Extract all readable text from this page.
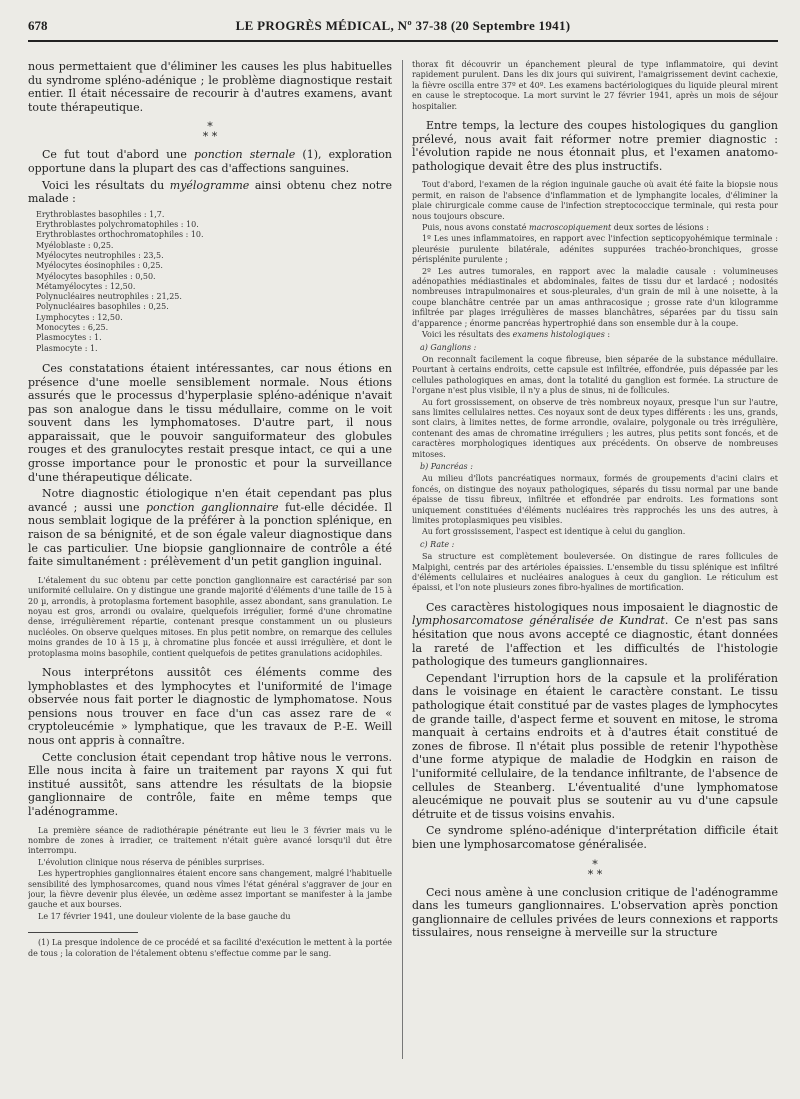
678	LE PROGRÈS MÉDICAL, Nº 37-38 (20 Septembre 1941)

nous permettaient que d'éliminer les causes les plus habituelles du syndrome spléno-adénique ; le problème diagnostique restait entier. Il était nécessaire de recourir à d'autres examens, avant toute thérapeutique.

*
* *

Ce fut tout d'abord une ponction sternale (1), exploration opportune dans la plupart des cas d'affections sanguines.

Voici les résultats du myélogramme ainsi obtenu chez notre malade :

Erythroblastes basophiles : 1,7.
Erythroblastes polychromatophiles : 10.
Erythroblastes orthochromatophiles : 10.
Myéloblaste : 0,25.
Myélocytes neutrophiles : 23,5.
Myélocytes éosinophiles : 0,25.
Myélocytes basophiles : 0,50.
Métamyélocytes : 12,50.
Polynucléaires neutrophiles : 21,25.
Polynucléaires basophiles : 0,25.
Lymphocytes : 12,50.
Monocytes : 6,25.
Plasmocytes : 1.
Plasmocyte : 1.

Ces constatations étaient intéressantes, car nous étions en présence d'une moelle sensiblement normale. Nous étions assurés que le processus d'hyperplasie spléno-adénique n'avait pas son analogue dans le tissu médullaire, comme on le voit souvent dans les lymphomatoses. D'autre part, il nous apparaissait, que le pouvoir sanguiformateur des globules rouges et des granulocytes restait presque intact, ce qui a une grosse importance pour le pronostic et pour la surveillance d'une thérapeutique délicate.

Notre diagnostic étiologique n'en était cependant pas plus avancé ; aussi une ponction ganglionnaire fut-elle décidée. Il nous semblait logique de la préférer à la ponction splénique, en raison de sa bénignité, et de son égale valeur diagnostique dans le cas particulier. Une biopsie ganglionnaire de contrôle a été faite simultanément : prélèvement d'un petit ganglion inguinal.

L'étalement du suc obtenu par cette ponction ganglionnaire est caractérisé par son uniformité cellulaire. On y distingue une grande majorité d'éléments d'une taille de 15 à 20 µ, arrondis, à protoplasma fortement basophile, assez abondant, sans granulation. Le noyau est gros, arrondi ou ovalaire, quelquefois irrégulier, formé d'une chromatine dense, irrégulièrement répartie, contenant presque constamment un ou plusieurs nucléoles. On observe quelques mitoses. En plus petit nombre, on remarque des cellules moins grandes de 10 à 15 µ, à chromatine plus foncée et aussi irrégulière, et dont le protoplasma moins basophile, contient quelquefois de petites granulations acidophiles.

Nous interprétons aussitôt ces éléments comme des lymphoblastes et des lymphocytes et l'uniformité de l'image observée nous fait porter le diagnostic de lymphomatose. Nous pensions nous trouver en face d'un cas assez rare de « cryptoleucémie » lymphatique, que les travaux de P.-E. Weill nous ont appris à connaître.

Cette conclusion était cependant trop hâtive nous le verrons. Elle nous incita à faire un traitement par rayons X qui fut institué aussitôt, sans attendre les résultats de la biopsie ganglionnaire de contrôle, faite en même temps que l'adénogramme.

La première séance de radiothérapie pénétrante eut lieu le 3 février mais vu le nombre de zones à irradier, ce traitement n'était guère avancé lorsqu'il dut être interrompu.

L'évolution clinique nous réserva de pénibles surprises.

Les hypertrophies ganglionnaires étaient encore sans changement, malgré l'habituelle sensibilité des lymphosarcomes, quand nous vîmes l'état général s'aggraver de jour en jour, la fièvre devenir plus élevée, un œdème assez important se manifester à la jambe gauche et aux bourses.

Le 17 février 1941, une douleur violente de la base gauche du

(1) La presque indolence de ce procédé et sa facilité d'exécution le mettent à la portée de tous ; la coloration de l'étalement obtenu s'effectue comme par le sang.

thorax fit découvrir un épanchement pleural de type inflammatoire, qui devint rapidement purulent. Dans les dix jours qui suivirent, l'amaigrissement devint cachexie, la fièvre oscilla entre 37º et 40º. Les examens bactériologiques du liquide pleural mirent en cause le streptocoque. La mort survint le 27 février 1941, après un mois de séjour hospitalier.

Entre temps, la lecture des coupes histologiques du ganglion prélevé, nous avait fait réformer notre premier diagnostic : l'évolution rapide ne nous étonnait plus, et l'examen anatomo-pathologique devait être des plus instructifs.

Tout d'abord, l'examen de la région inguinale gauche où avait été faite la biopsie nous permit, en raison de l'absence d'inflammation et de lymphangite locales, d'éliminer la plaie chirurgicale comme cause de l'infection streptococcique terminale, qui resta pour nous toujours obscure.

Puis, nous avons constaté macroscopiquement deux sortes de lésions :

1º Les unes inflammatoires, en rapport avec l'infection septicopyohémique terminale : pleurésie purulente bilatérale, adénites suppurées trachéo-bronchiques, grosse périsplénite purulente ;

2º Les autres tumorales, en rapport avec la maladie causale : volumineuses adénopathies médiastinales et abdominales, faites de tissu dur et lardacé ; nodosités nombreuses intrapulmonaires et sous-pleurales, d'un grain de mil à une noisette, à la coupe blanchâtre centrée par un amas anthracosique ; grosse rate d'un kilogramme infiltrée par plages irrégulières de masses blanchâtres, séparées par du tissu sain d'apparence ; énorme pancréas hypertrophié dans son ensemble dur à la coupe.

Voici les résultats des examens histologiques :

a) Ganglions :

On reconnaît facilement la coque fibreuse, bien séparée de la substance médullaire. Pourtant à certains endroits, cette capsule est infiltrée, effondrée, puis dépassée par les cellules pathologiques en amas, dont la totalité du ganglion est formée. La structure de l'organe n'est plus visible, il n'y a plus de sinus, ni de follicules.

Au fort grossissement, on observe de très nombreux noyaux, presque l'un sur l'autre, sans limites cellulaires nettes. Ces noyaux sont de deux types différents : les uns, grands, sont clairs, à limites nettes, de forme arrondie, ovalaire, polygonale ou très irrégulière, contenant des amas de chromatine irréguliers ; les autres, plus petits sont foncés, et de caractères morphologiques identiques aux précédents. On observe de nombreuses mitoses.

b) Pancréas :

Au milieu d'îlots pancréatiques normaux, formés de groupements d'acini clairs et foncés, on distingue des noyaux pathologiques, séparés du tissu normal par une bande épaisse de tissu fibreux, infiltrée et effondrée par endroits. Les formations sont uniquement constituées d'éléments nucléaires très rapprochés les uns des autres, à limites protoplasmiques peu visibles.

Au fort grossissement, l'aspect est identique à celui du ganglion.

c) Rate :

Sa structure est complètement bouleversée. On distingue de rares follicules de Malpighi, centrés par des artérioles épaissies. L'ensemble du tissu splénique est infiltré d'éléments cellulaires et nucléaires analogues à ceux du ganglion. Le réticulum est épaissi, et l'on note plusieurs zones fibro-hyalines de mortification.

Ces caractères histologiques nous imposaient le diagnostic de lymphosarcomatose généralisée de Kundrat. Ce n'est pas sans hésitation que nous avons accepté ce diagnostic, étant données la rareté de l'affection et les difficultés de l'histologie pathologique des tumeurs ganglionnaires.

Cependant l'irruption hors de la capsule et la prolifération dans le voisinage en étaient le caractère constant. Le tissu pathologique était constitué par de vastes plages de lymphocytes de grande taille, d'aspect ferme et souvent en mitose, le stroma manquait à certains endroits et à d'autres était constitué de zones de fibrose. Il n'était plus possible de retenir l'hypothèse d'une forme atypique de maladie de Hodgkin en raison de l'uniformité cellulaire, de la tendance infiltrante, de l'absence de cellules de Steanberg. L'éventualité d'une lymphomatose aleucémique ne pouvait plus se soutenir au vu d'une capsule détruite et de tissus voisins envahis.

Ce syndrome spléno-adénique d'interprétation difficile était bien une lymphosarcomatose généralisée.

*
* *

Ceci nous amène à une conclusion critique de l'adénogramme dans les tumeurs ganglionnaires. L'observation après ponction ganglionnaire de cellules privées de leurs connexions et rapports tissulaires, nous renseigne à merveille sur la structure
